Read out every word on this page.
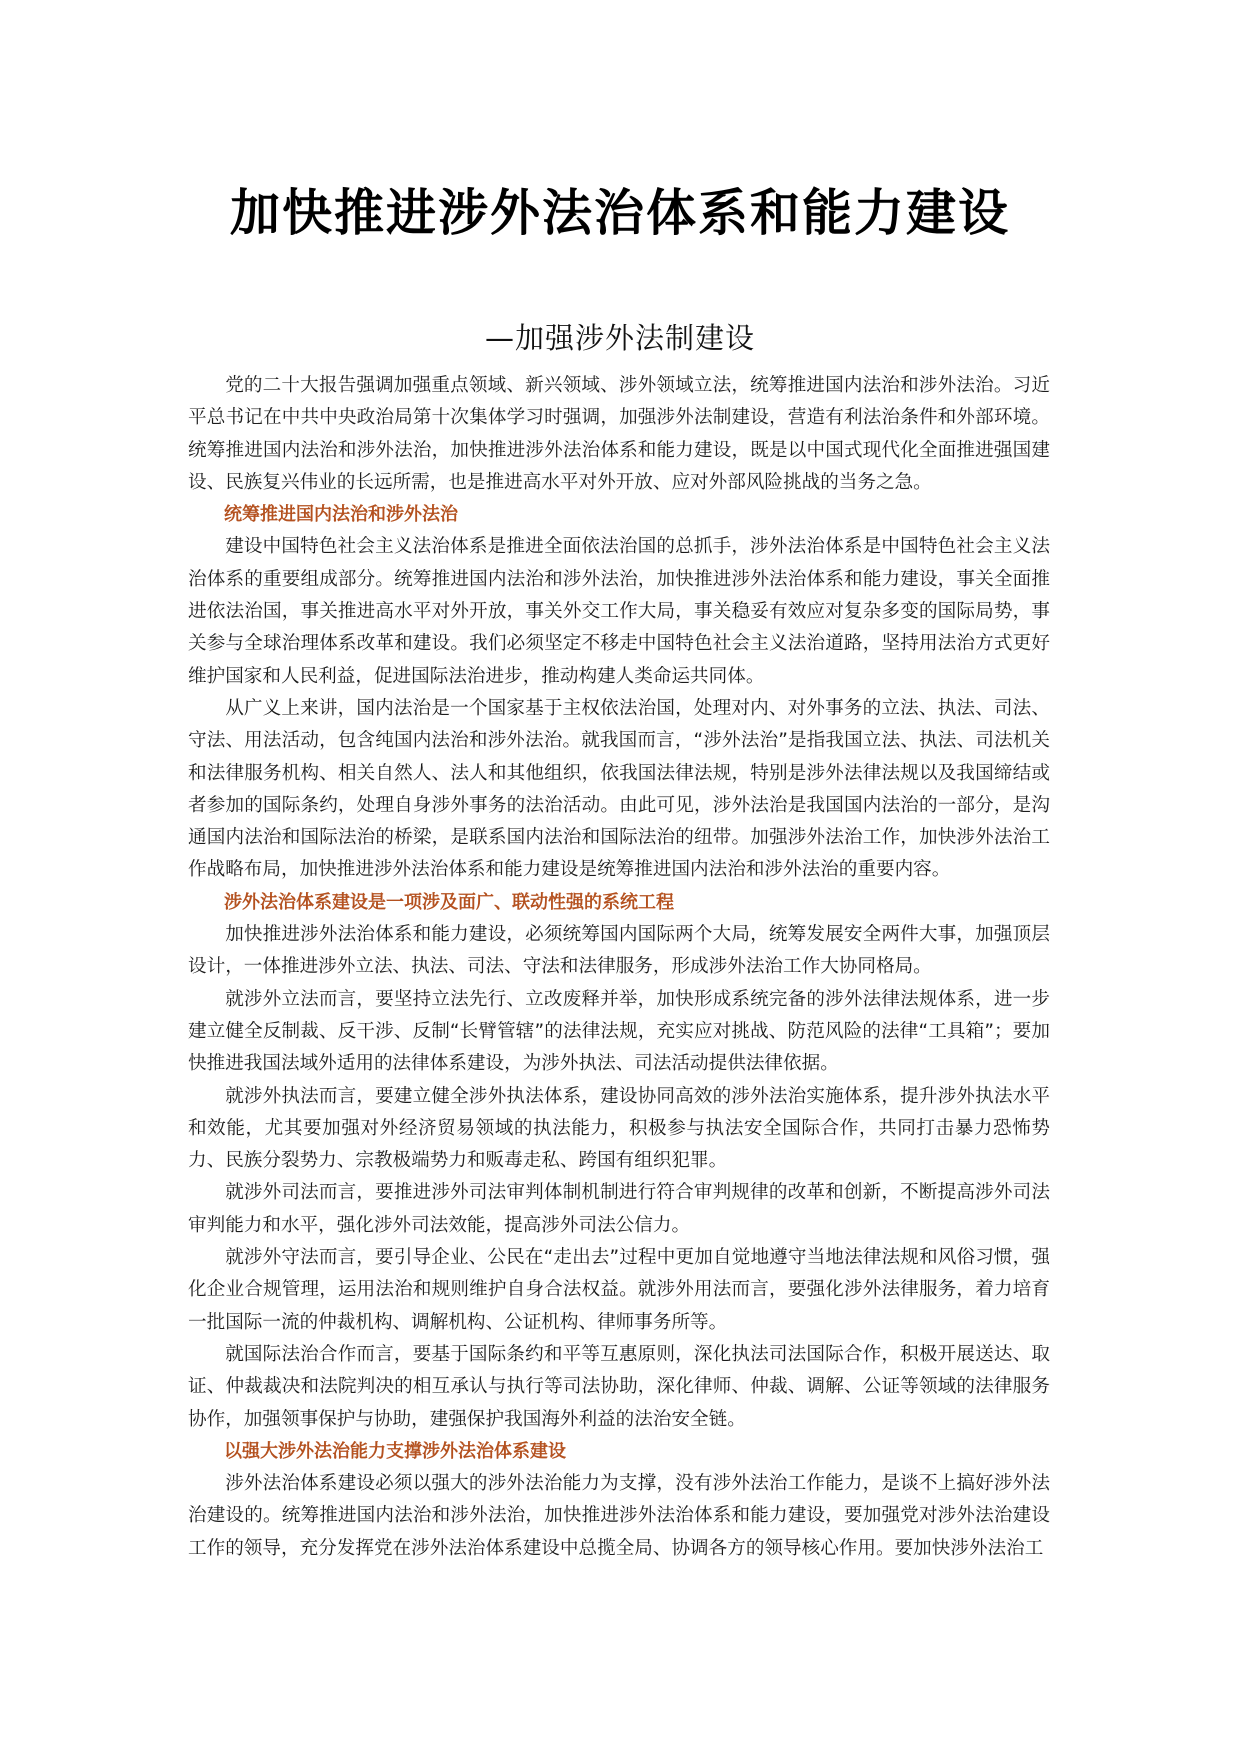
加快推进涉外法治体系和能力建设
—加强涉外法制建设

党的二十大报告强调加强重点领域、新兴领域、涉外领域立法，统筹推进国内法治和涉外法治。习近平总书记在中共中央政治局第十次集体学习时强调，加强涉外法制建设，营造有利法治条件和外部环境。统筹推进国内法治和涉外法治，加快推进涉外法治体系和能力建设，既是以中国式现代化全面推进强国建设、民族复兴伟业的长远所需，也是推进高水平对外开放、应对外部风险挑战的当务之急。

统筹推进国内法治和涉外法治

建设中国特色社会主义法治体系是推进全面依法治国的总抓手，涉外法治体系是中国特色社会主义法治体系的重要组成部分。统筹推进国内法治和涉外法治，加快推进涉外法治体系和能力建设，事关全面推进依法治国，事关推进高水平对外开放，事关外交工作大局，事关稳妥有效应对复杂多变的国际局势，事关参与全球治理体系改革和建设。我们必须坚定不移走中国特色社会主义法治道路，坚持用法治方式更好维护国家和人民利益，促进国际法治进步，推动构建人类命运共同体。

从广义上来讲，国内法治是一个国家基于主权依法治国，处理对内、对外事务的立法、执法、司法、守法、用法活动，包含纯国内法治和涉外法治。就我国而言，“涉外法治”是指我国立法、执法、司法机关和法律服务机构、相关自然人、法人和其他组织，依我国法律法规，特别是涉外法律法规以及我国缔结或者参加的国际条约，处理自身涉外事务的法治活动。由此可见，涉外法治是我国国内法治的一部分，是沟通国内法治和国际法治的桥梁，是联系国内法治和国际法治的纽带。加强涉外法治工作，加快涉外法治工作战略布局，加快推进涉外法治体系和能力建设是统筹推进国内法治和涉外法治的重要内容。

涉外法治体系建设是一项涉及面广、联动性强的系统工程

加快推进涉外法治体系和能力建设，必须统筹国内国际两个大局，统筹发展安全两件大事，加强顶层设计，一体推进涉外立法、执法、司法、守法和法律服务，形成涉外法治工作大协同格局。

就涉外立法而言，要坚持立法先行、立改废释并举，加快形成系统完备的涉外法律法规体系，进一步建立健全反制裁、反干涉、反制“长臂管辖”的法律法规，充实应对挑战、防范风险的法律“工具箱”；要加快推进我国法域外适用的法律体系建设，为涉外执法、司法活动提供法律依据。

就涉外执法而言，要建立健全涉外执法体系，建设协同高效的涉外法治实施体系，提升涉外执法水平和效能，尤其要加强对外经济贸易领域的执法能力，积极参与执法安全国际合作，共同打击暴力恐怖势力、民族分裂势力、宗教极端势力和贩毒走私、跨国有组织犯罪。

就涉外司法而言，要推进涉外司法审判体制机制进行符合审判规律的改革和创新，不断提高涉外司法审判能力和水平，强化涉外司法效能，提高涉外司法公信力。

就涉外守法而言，要引导企业、公民在“走出去”过程中更加自觉地遵守当地法律法规和风俗习惯，强化企业合规管理，运用法治和规则维护自身合法权益。就涉外用法而言，要强化涉外法律服务，着力培育一批国际一流的仲裁机构、调解机构、公证机构、律师事务所等。

就国际法治合作而言，要基于国际条约和平等互惠原则，深化执法司法国际合作，积极开展送达、取证、仲裁裁决和法院判决的相互承认与执行等司法协助，深化律师、仲裁、调解、公证等领域的法律服务协作，加强领事保护与协助，建强保护我国海外利益的法治安全链。

以强大涉外法治能力支撑涉外法治体系建设

涉外法治体系建设必须以强大的涉外法治能力为支撑，没有涉外法治工作能力，是谈不上搞好涉外法治建设的。统筹推进国内法治和涉外法治，加快推进涉外法治体系和能力建设，要加强党对涉外法治建设工作的领导，充分发挥党在涉外法治体系建设中总揽全局、协调各方的领导核心作用。要加快涉外法治工
